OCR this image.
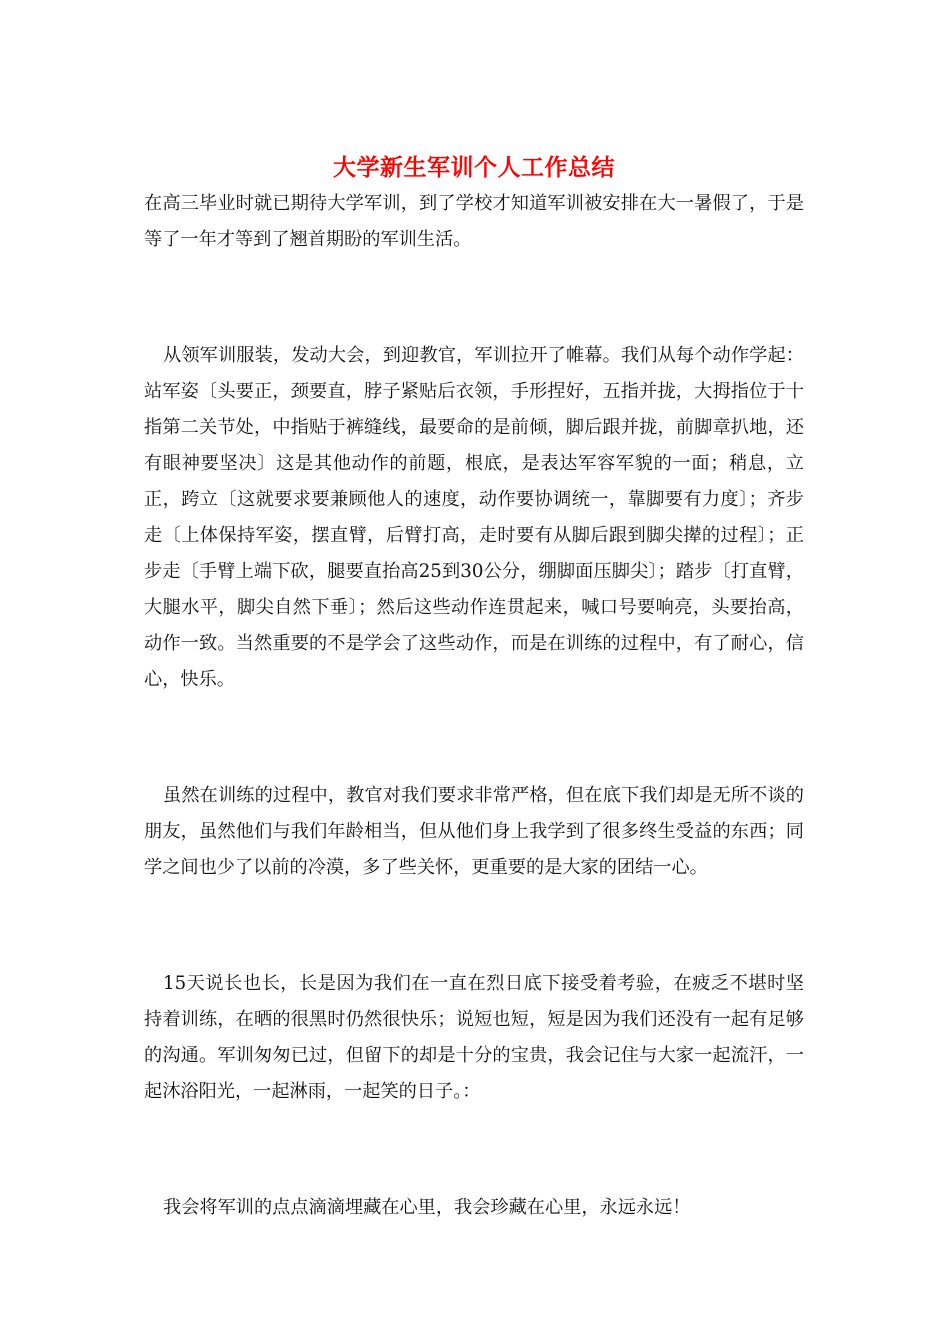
大学新生军训个人工作总结

在高三毕业时就已期待大学军训，到了学校才知道军训被安排在大一暑假了，于是等了一年才等到了翘首期盼的军训生活。

从领军训服装，发动大会，到迎教官，军训拉开了帷幕。我们从每个动作学起：站军姿〔头要正，颈要直，脖子紧贴后衣领，手形捏好，五指并拢，大拇指位于十指第二关节处，中指贴于裤缝线，最要命的是前倾，脚后跟并拢，前脚章扒地，还有眼神要坚决〕这是其他动作的前题，根底，是表达军容军貌的一面；稍息，立正，跨立〔这就要求要兼顾他人的速度，动作要协调统一，靠脚要有力度〕；齐步走〔上体保持军姿，摆直臂，后臂打高，走时要有从脚后跟到脚尖撵的过程〕；正步走〔手臂上端下砍，腿要直抬高25到30公分，绷脚面压脚尖〕；踏步〔打直臂，大腿水平，脚尖自然下垂〕；然后这些动作连贯起来，喊口号要响亮，头要抬高，动作一致。当然重要的不是学会了这些动作，而是在训练的过程中，有了耐心，信心，快乐。

虽然在训练的过程中，教官对我们要求非常严格，但在底下我们却是无所不谈的朋友，虽然他们与我们年龄相当，但从他们身上我学到了很多终生受益的东西；同学之间也少了以前的冷漠，多了些关怀，更重要的是大家的团结一心。

15天说长也长，长是因为我们在一直在烈日底下接受着考验，在疲乏不堪时坚持着训练，在晒的很黑时仍然很快乐；说短也短，短是因为我们还没有一起有足够的沟通。军训匆匆已过，但留下的却是十分的宝贵，我会记住与大家一起流汗，一起沐浴阳光，一起淋雨，一起笑的日子。：

我会将军训的点点滴滴埋藏在心里，我会珍藏在心里，永远永远！
